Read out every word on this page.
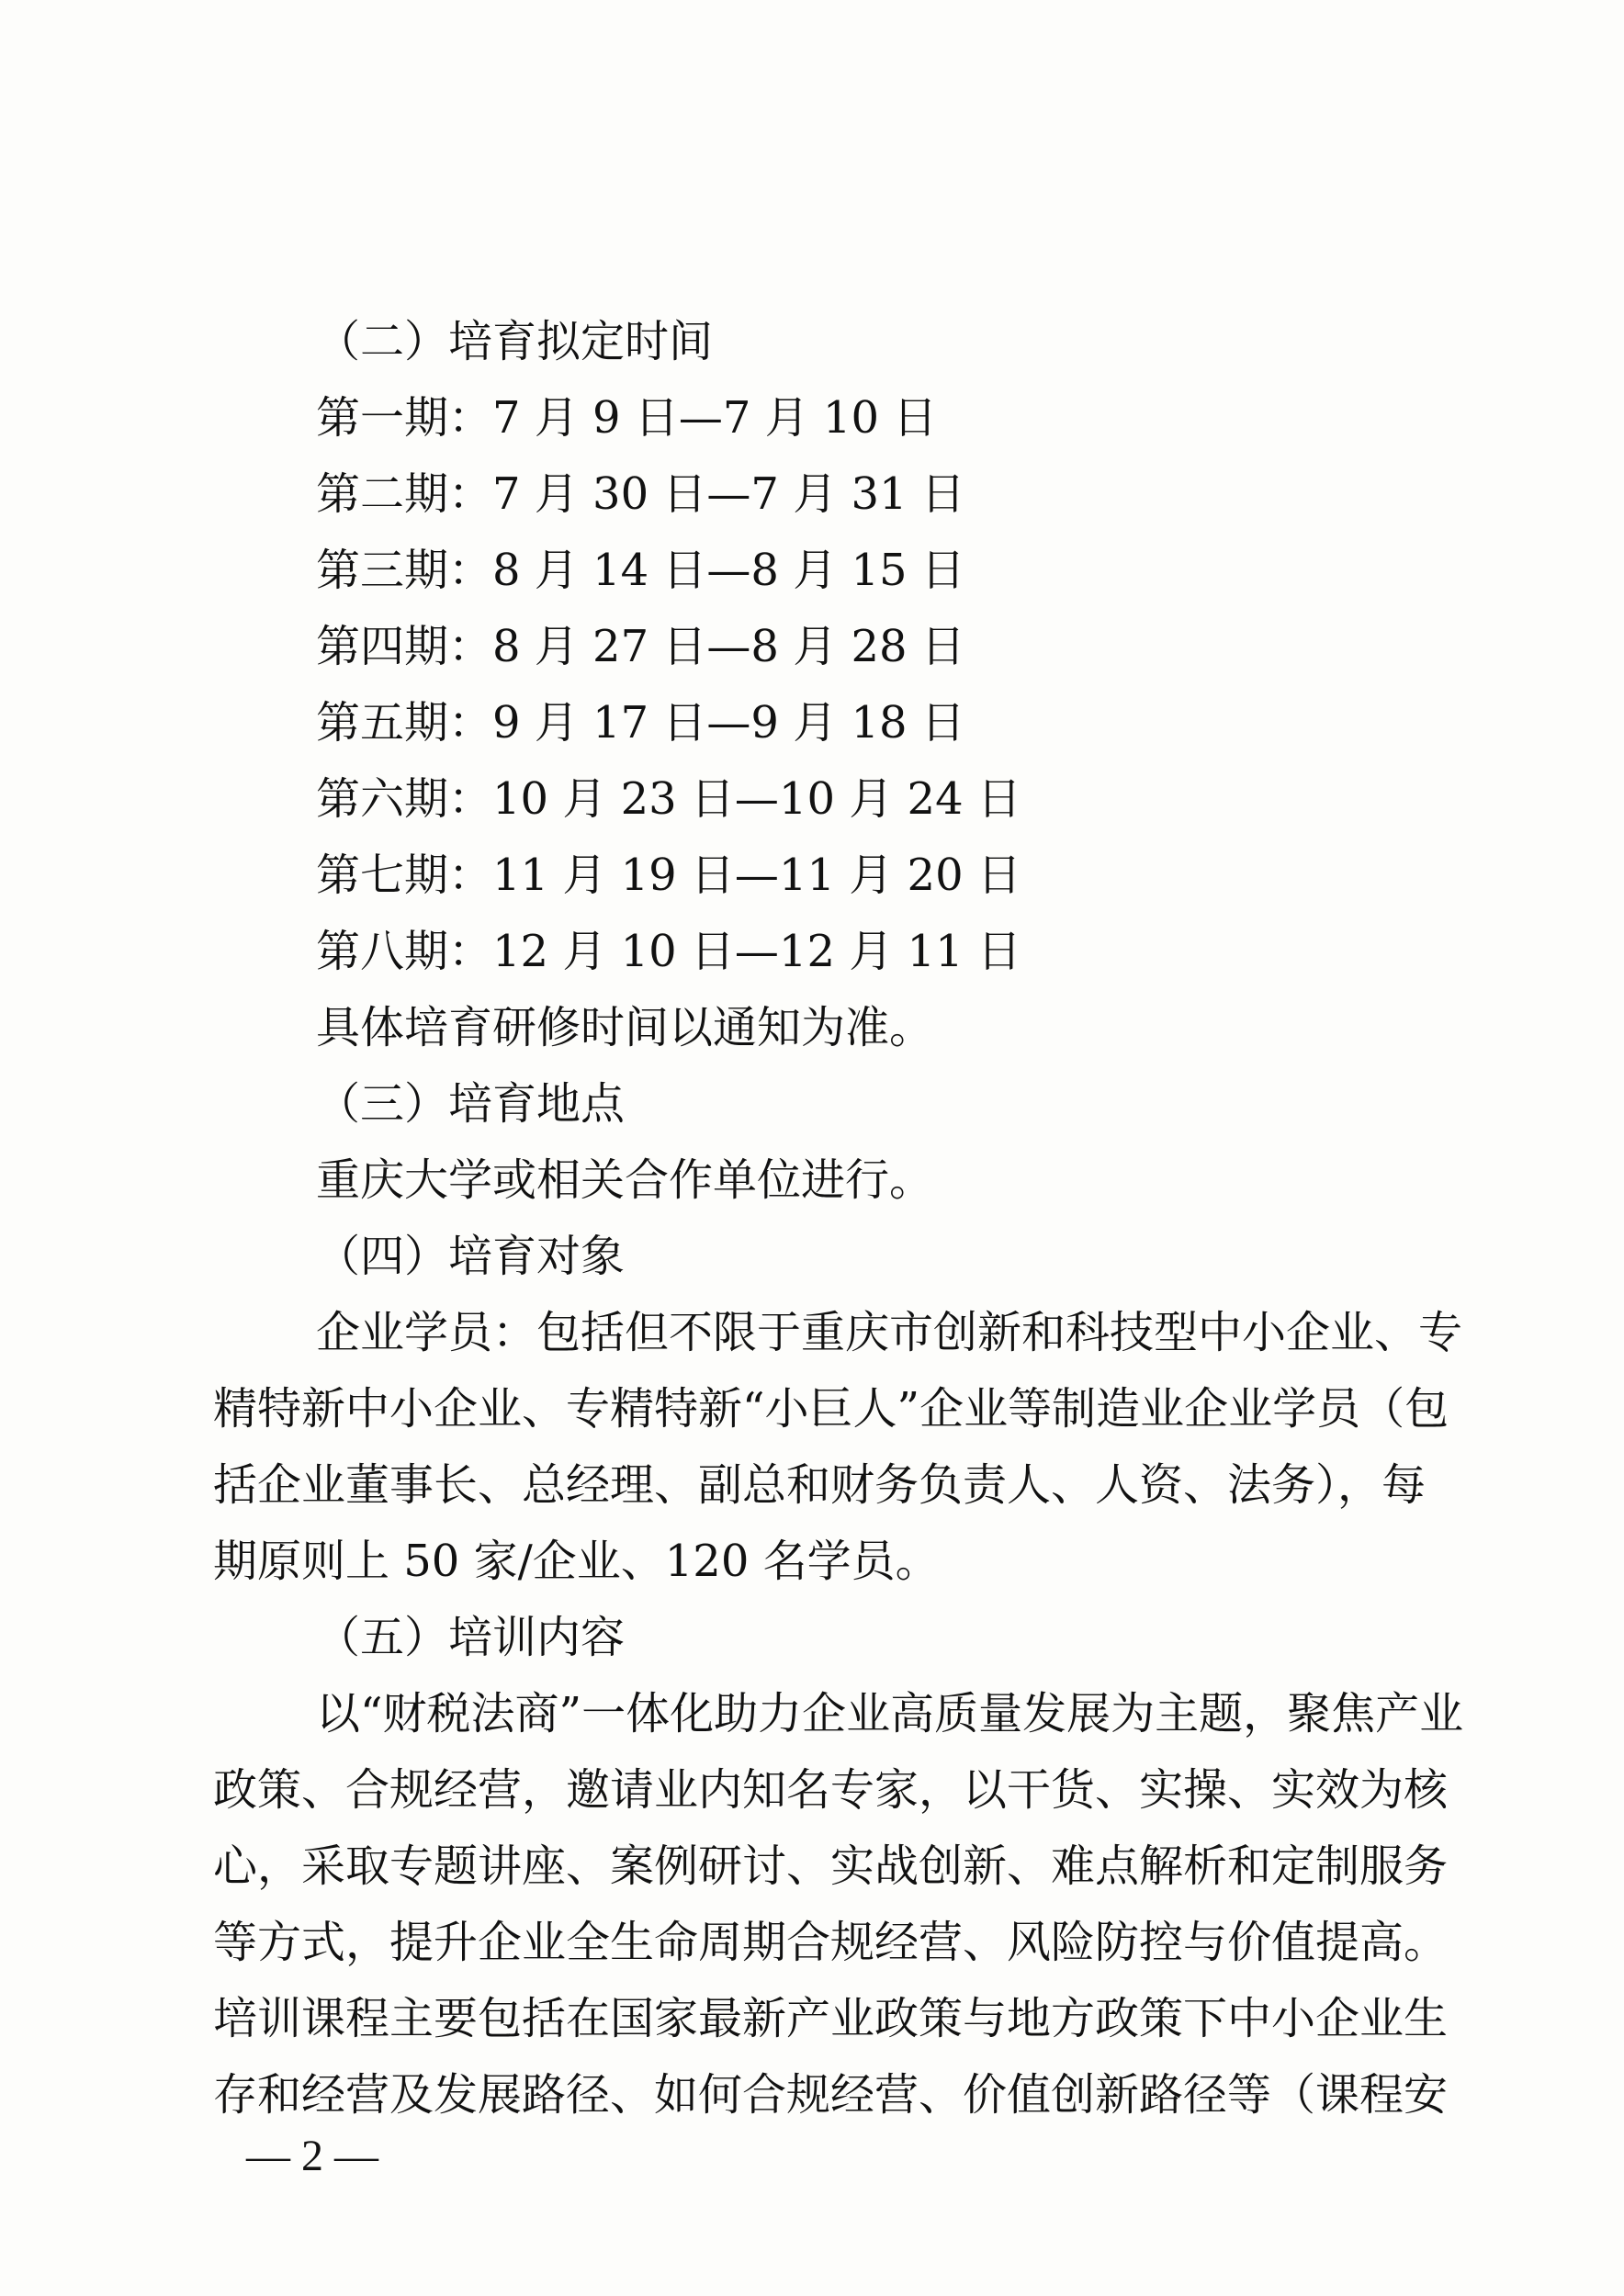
（二）培育拟定时间
第一期：7 月 9 日—7 月 10 日
第二期：7 月 30 日—7 月 31 日
第三期：8 月 14 日—8 月 15 日
第四期：8 月 27 日—8 月 28 日
第五期：9 月 17 日—9 月 18 日
第六期：10 月 23 日—10 月 24 日
第七期：11 月 19 日—11 月 20 日
第八期：12 月 10 日—12 月 11 日
具体培育研修时间以通知为准。
（三）培育地点
重庆大学或相关合作单位进行。
（四）培育对象
企业学员：包括但不限于重庆市创新和科技型中小企业、专
精特新中小企业、专精特新“小巨人”企业等制造业企业学员（包
括企业董事长、总经理、副总和财务负责人、人资、法务），每
期原则上 50 家/企业、120 名学员。
（五）培训内容
以“财税法商”一体化助力企业高质量发展为主题，聚焦产业
政策、合规经营，邀请业内知名专家，以干货、实操、实效为核
心，采取专题讲座、案例研讨、实战创新、难点解析和定制服务
等方式，提升企业全生命周期合规经营、风险防控与价值提高。
培训课程主要包括在国家最新产业政策与地方政策下中小企业生
存和经营及发展路径、如何合规经营、价值创新路径等（课程安
— 2 —
